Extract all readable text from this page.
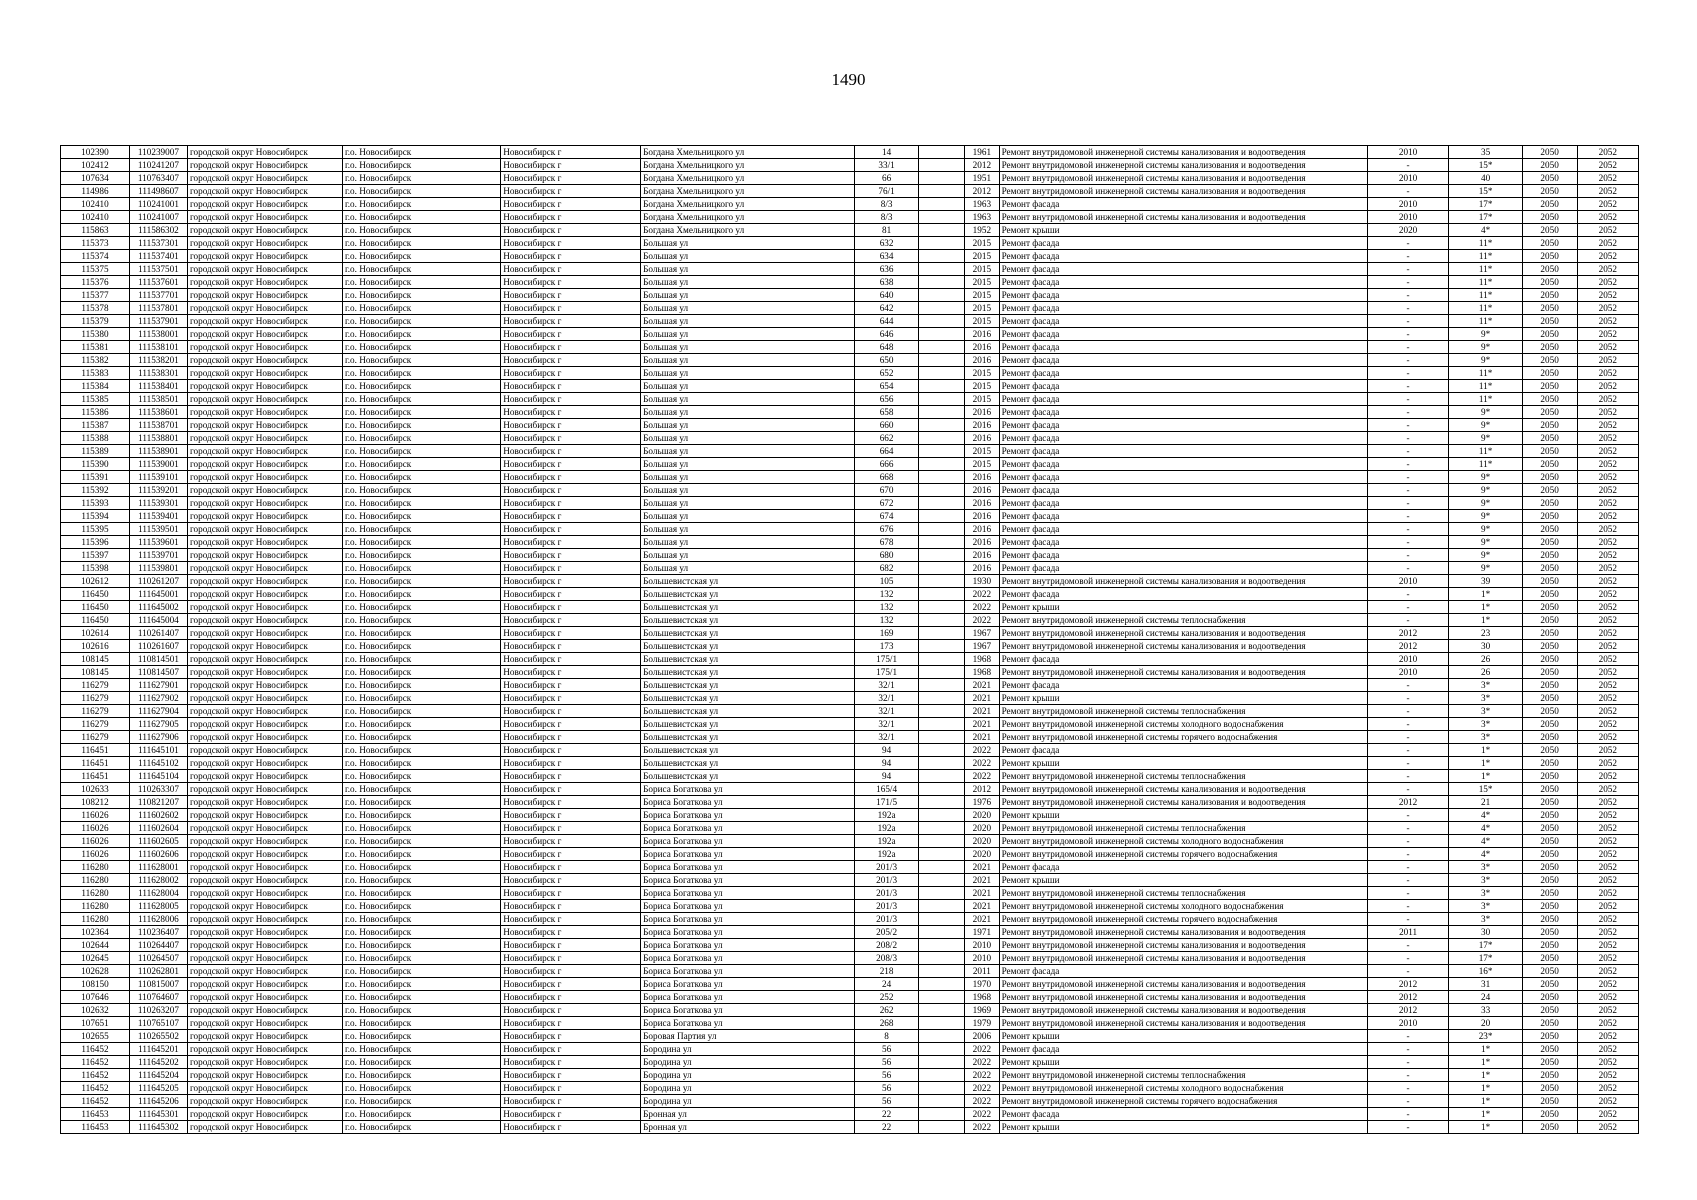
1490
102390	110239007	городской округ Новосибирск	г.о. Новосибирск	Новосибирск г	Богдана Хмельницкого ул	14		1961	Ремонт внутридомовой инженерной системы канализования и водоотведения	2010	35	2050	2052
102412	110241207	городской округ Новосибирск	г.о. Новосибирск	Новосибирск г	Богдана Хмельницкого ул	33/1		2012	Ремонт внутридомовой инженерной системы канализования и водоотведения	-	15*	2050	2052
107634	110763407	городской округ Новосибирск	г.о. Новосибирск	Новосибирск г	Богдана Хмельницкого ул	66		1951	Ремонт внутридомовой инженерной системы канализования и водоотведения	2010	40	2050	2052
114986	111498607	городской округ Новосибирск	г.о. Новосибирск	Новосибирск г	Богдана Хмельницкого ул	76/1		2012	Ремонт внутридомовой инженерной системы канализования и водоотведения	-	15*	2050	2052
102410	110241001	городской округ Новосибирск	г.о. Новосибирск	Новосибирск г	Богдана Хмельницкого ул	8/3		1963	Ремонт фасада	2010	17*	2050	2052
102410	110241007	городской округ Новосибирск	г.о. Новосибирск	Новосибирск г	Богдана Хмельницкого ул	8/3		1963	Ремонт внутридомовой инженерной системы канализования и водоотведения	2010	17*	2050	2052
115863	111586302	городской округ Новосибирск	г.о. Новосибирск	Новосибирск г	Богдана Хмельницкого ул	81		1952	Ремонт крыши	2020	4*	2050	2052
115373	111537301	городской округ Новосибирск	г.о. Новосибирск	Новосибирск г	Большая ул	632		2015	Ремонт фасада	-	11*	2050	2052
115374	111537401	городской округ Новосибирск	г.о. Новосибирск	Новосибирск г	Большая ул	634		2015	Ремонт фасада	-	11*	2050	2052
115375	111537501	городской округ Новосибирск	г.о. Новосибирск	Новосибирск г	Большая ул	636		2015	Ремонт фасада	-	11*	2050	2052
115376	111537601	городской округ Новосибирск	г.о. Новосибирск	Новосибирск г	Большая ул	638		2015	Ремонт фасада	-	11*	2050	2052
115377	111537701	городской округ Новосибирск	г.о. Новосибирск	Новосибирск г	Большая ул	640		2015	Ремонт фасада	-	11*	2050	2052
115378	111537801	городской округ Новосибирск	г.о. Новосибирск	Новосибирск г	Большая ул	642		2015	Ремонт фасада	-	11*	2050	2052
115379	111537901	городской округ Новосибирск	г.о. Новосибирск	Новосибирск г	Большая ул	644		2015	Ремонт фасада	-	11*	2050	2052
115380	111538001	городской округ Новосибирск	г.о. Новосибирск	Новосибирск г	Большая ул	646		2016	Ремонт фасада	-	9*	2050	2052
115381	111538101	городской округ Новосибирск	г.о. Новосибирск	Новосибирск г	Большая ул	648		2016	Ремонт фасада	-	9*	2050	2052
115382	111538201	городской округ Новосибирск	г.о. Новосибирск	Новосибирск г	Большая ул	650		2016	Ремонт фасада	-	9*	2050	2052
115383	111538301	городской округ Новосибирск	г.о. Новосибирск	Новосибирск г	Большая ул	652		2015	Ремонт фасада	-	11*	2050	2052
115384	111538401	городской округ Новосибирск	г.о. Новосибирск	Новосибирск г	Большая ул	654		2015	Ремонт фасада	-	11*	2050	2052
115385	111538501	городской округ Новосибирск	г.о. Новосибирск	Новосибирск г	Большая ул	656		2015	Ремонт фасада	-	11*	2050	2052
115386	111538601	городской округ Новосибирск	г.о. Новосибирск	Новосибирск г	Большая ул	658		2016	Ремонт фасада	-	9*	2050	2052
115387	111538701	городской округ Новосибирск	г.о. Новосибирск	Новосибирск г	Большая ул	660		2016	Ремонт фасада	-	9*	2050	2052
115388	111538801	городской округ Новосибирск	г.о. Новосибирск	Новосибирск г	Большая ул	662		2016	Ремонт фасада	-	9*	2050	2052
115389	111538901	городской округ Новосибирск	г.о. Новосибирск	Новосибирск г	Большая ул	664		2015	Ремонт фасада	-	11*	2050	2052
115390	111539001	городской округ Новосибирск	г.о. Новосибирск	Новосибирск г	Большая ул	666		2015	Ремонт фасада	-	11*	2050	2052
115391	111539101	городской округ Новосибирск	г.о. Новосибирск	Новосибирск г	Большая ул	668		2016	Ремонт фасада	-	9*	2050	2052
115392	111539201	городской округ Новосибирск	г.о. Новосибирск	Новосибирск г	Большая ул	670		2016	Ремонт фасада	-	9*	2050	2052
115393	111539301	городской округ Новосибирск	г.о. Новосибирск	Новосибирск г	Большая ул	672		2016	Ремонт фасада	-	9*	2050	2052
115394	111539401	городской округ Новосибирск	г.о. Новосибирск	Новосибирск г	Большая ул	674		2016	Ремонт фасада	-	9*	2050	2052
115395	111539501	городской округ Новосибирск	г.о. Новосибирск	Новосибирск г	Большая ул	676		2016	Ремонт фасада	-	9*	2050	2052
115396	111539601	городской округ Новосибирск	г.о. Новосибирск	Новосибирск г	Большая ул	678		2016	Ремонт фасада	-	9*	2050	2052
115397	111539701	городской округ Новосибирск	г.о. Новосибирск	Новосибирск г	Большая ул	680		2016	Ремонт фасада	-	9*	2050	2052
115398	111539801	городской округ Новосибирск	г.о. Новосибирск	Новосибирск г	Большая ул	682		2016	Ремонт фасада	-	9*	2050	2052
102612	110261207	городской округ Новосибирск	г.о. Новосибирск	Новосибирск г	Большевистская ул	105		1930	Ремонт внутридомовой инженерной системы канализования и водоотведения	2010	39	2050	2052
116450	111645001	городской округ Новосибирск	г.о. Новосибирск	Новосибирск г	Большевистская ул	132		2022	Ремонт фасада	-	1*	2050	2052
116450	111645002	городской округ Новосибирск	г.о. Новосибирск	Новосибирск г	Большевистская ул	132		2022	Ремонт крыши	-	1*	2050	2052
116450	111645004	городской округ Новосибирск	г.о. Новосибирск	Новосибирск г	Большевистская ул	132		2022	Ремонт внутридомовой инженерной системы теплоснабжения	-	1*	2050	2052
102614	110261407	городской округ Новосибирск	г.о. Новосибирск	Новосибирск г	Большевистская ул	169		1967	Ремонт внутридомовой инженерной системы канализования и водоотведения	2012	23	2050	2052
102616	110261607	городской округ Новосибирск	г.о. Новосибирск	Новосибирск г	Большевистская ул	173		1967	Ремонт внутридомовой инженерной системы канализования и водоотведения	2012	30	2050	2052
108145	110814501	городской округ Новосибирск	г.о. Новосибирск	Новосибирск г	Большевистская ул	175/1		1968	Ремонт фасада	2010	26	2050	2052
108145	110814507	городской округ Новосибирск	г.о. Новосибирск	Новосибирск г	Большевистская ул	175/1		1968	Ремонт внутридомовой инженерной системы канализования и водоотведения	2010	26	2050	2052
116279	111627901	городской округ Новосибирск	г.о. Новосибирск	Новосибирск г	Большевистская ул	32/1		2021	Ремонт фасада	-	3*	2050	2052
116279	111627902	городской округ Новосибирск	г.о. Новосибирск	Новосибирск г	Большевистская ул	32/1		2021	Ремонт крыши	-	3*	2050	2052
116279	111627904	городской округ Новосибирск	г.о. Новосибирск	Новосибирск г	Большевистская ул	32/1		2021	Ремонт внутридомовой инженерной системы теплоснабжения	-	3*	2050	2052
116279	111627905	городской округ Новосибирск	г.о. Новосибирск	Новосибирск г	Большевистская ул	32/1		2021	Ремонт внутридомовой инженерной системы холодного водоснабжения	-	3*	2050	2052
116279	111627906	городской округ Новосибирск	г.о. Новосибирск	Новосибирск г	Большевистская ул	32/1		2021	Ремонт внутридомовой инженерной системы горячего водоснабжения	-	3*	2050	2052
116451	111645101	городской округ Новосибирск	г.о. Новосибирск	Новосибирск г	Большевистская ул	94		2022	Ремонт фасада	-	1*	2050	2052
116451	111645102	городской округ Новосибирск	г.о. Новосибирск	Новосибирск г	Большевистская ул	94		2022	Ремонт крыши	-	1*	2050	2052
116451	111645104	городской округ Новосибирск	г.о. Новосибирск	Новосибирск г	Большевистская ул	94		2022	Ремонт внутридомовой инженерной системы теплоснабжения	-	1*	2050	2052
102633	110263307	городской округ Новосибирск	г.о. Новосибирск	Новосибирск г	Бориса Богаткова ул	165/4		2012	Ремонт внутридомовой инженерной системы канализования и водоотведения	-	15*	2050	2052
108212	110821207	городской округ Новосибирск	г.о. Новосибирск	Новосибирск г	Бориса Богаткова ул	171/5		1976	Ремонт внутридомовой инженерной системы канализования и водоотведения	2012	21	2050	2052
116026	111602602	городской округ Новосибирск	г.о. Новосибирск	Новосибирск г	Бориса Богаткова ул	192а		2020	Ремонт крыши	-	4*	2050	2052
116026	111602604	городской округ Новосибирск	г.о. Новосибирск	Новосибирск г	Бориса Богаткова ул	192а		2020	Ремонт внутридомовой инженерной системы теплоснабжения	-	4*	2050	2052
116026	111602605	городской округ Новосибирск	г.о. Новосибирск	Новосибирск г	Бориса Богаткова ул	192а		2020	Ремонт внутридомовой инженерной системы холодного водоснабжения	-	4*	2050	2052
116026	111602606	городской округ Новосибирск	г.о. Новосибирск	Новосибирск г	Бориса Богаткова ул	192а		2020	Ремонт внутридомовой инженерной системы горячего водоснабжения	-	4*	2050	2052
116280	111628001	городской округ Новосибирск	г.о. Новосибирск	Новосибирск г	Бориса Богаткова ул	201/3		2021	Ремонт фасада	-	3*	2050	2052
116280	111628002	городской округ Новосибирск	г.о. Новосибирск	Новосибирск г	Бориса Богаткова ул	201/3		2021	Ремонт крыши	-	3*	2050	2052
116280	111628004	городской округ Новосибирск	г.о. Новосибирск	Новосибирск г	Бориса Богаткова ул	201/3		2021	Ремонт внутридомовой инженерной системы теплоснабжения	-	3*	2050	2052
116280	111628005	городской округ Новосибирск	г.о. Новосибирск	Новосибирск г	Бориса Богаткова ул	201/3		2021	Ремонт внутридомовой инженерной системы холодного водоснабжения	-	3*	2050	2052
116280	111628006	городской округ Новосибирск	г.о. Новосибирск	Новосибирск г	Бориса Богаткова ул	201/3		2021	Ремонт внутридомовой инженерной системы горячего водоснабжения	-	3*	2050	2052
102364	110236407	городской округ Новосибирск	г.о. Новосибирск	Новосибирск г	Бориса Богаткова ул	205/2		1971	Ремонт внутридомовой инженерной системы канализования и водоотведения	2011	30	2050	2052
102644	110264407	городской округ Новосибирск	г.о. Новосибирск	Новосибирск г	Бориса Богаткова ул	208/2		2010	Ремонт внутридомовой инженерной системы канализования и водоотведения	-	17*	2050	2052
102645	110264507	городской округ Новосибирск	г.о. Новосибирск	Новосибирск г	Бориса Богаткова ул	208/3		2010	Ремонт внутридомовой инженерной системы канализования и водоотведения	-	17*	2050	2052
102628	110262801	городской округ Новосибирск	г.о. Новосибирск	Новосибирск г	Бориса Богаткова ул	218		2011	Ремонт фасада	-	16*	2050	2052
108150	110815007	городской округ Новосибирск	г.о. Новосибирск	Новосибирск г	Бориса Богаткова ул	24		1970	Ремонт внутридомовой инженерной системы канализования и водоотведения	2012	31	2050	2052
107646	110764607	городской округ Новосибирск	г.о. Новосибирск	Новосибирск г	Бориса Богаткова ул	252		1968	Ремонт внутридомовой инженерной системы канализования и водоотведения	2012	24	2050	2052
102632	110263207	городской округ Новосибирск	г.о. Новосибирск	Новосибирск г	Бориса Богаткова ул	262		1969	Ремонт внутридомовой инженерной системы канализования и водоотведения	2012	33	2050	2052
107651	110765107	городской округ Новосибирск	г.о. Новосибирск	Новосибирск г	Бориса Богаткова ул	268		1979	Ремонт внутридомовой инженерной системы канализования и водоотведения	2010	20	2050	2052
102655	110265502	городской округ Новосибирск	г.о. Новосибирск	Новосибирск г	Боровая Партия ул	8		2006	Ремонт крыши	-	23*	2050	2052
116452	111645201	городской округ Новосибирск	г.о. Новосибирск	Новосибирск г	Бородина ул	56		2022	Ремонт фасада	-	1*	2050	2052
116452	111645202	городской округ Новосибирск	г.о. Новосибирск	Новосибирск г	Бородина ул	56		2022	Ремонт крыши	-	1*	2050	2052
116452	111645204	городской округ Новосибирск	г.о. Новосибирск	Новосибирск г	Бородина ул	56		2022	Ремонт внутридомовой инженерной системы теплоснабжения	-	1*	2050	2052
116452	111645205	городской округ Новосибирск	г.о. Новосибирск	Новосибирск г	Бородина ул	56		2022	Ремонт внутридомовой инженерной системы холодного водоснабжения	-	1*	2050	2052
116452	111645206	городской округ Новосибирск	г.о. Новосибирск	Новосибирск г	Бородина ул	56		2022	Ремонт внутридомовой инженерной системы горячего водоснабжения	-	1*	2050	2052
116453	111645301	городской округ Новосибирск	г.о. Новосибирск	Новосибирск г	Бронная ул	22		2022	Ремонт фасада	-	1*	2050	2052
116453	111645302	городской округ Новосибирск	г.о. Новосибирск	Новосибирск г	Бронная ул	22		2022	Ремонт крыши	-	1*	2050	2052
